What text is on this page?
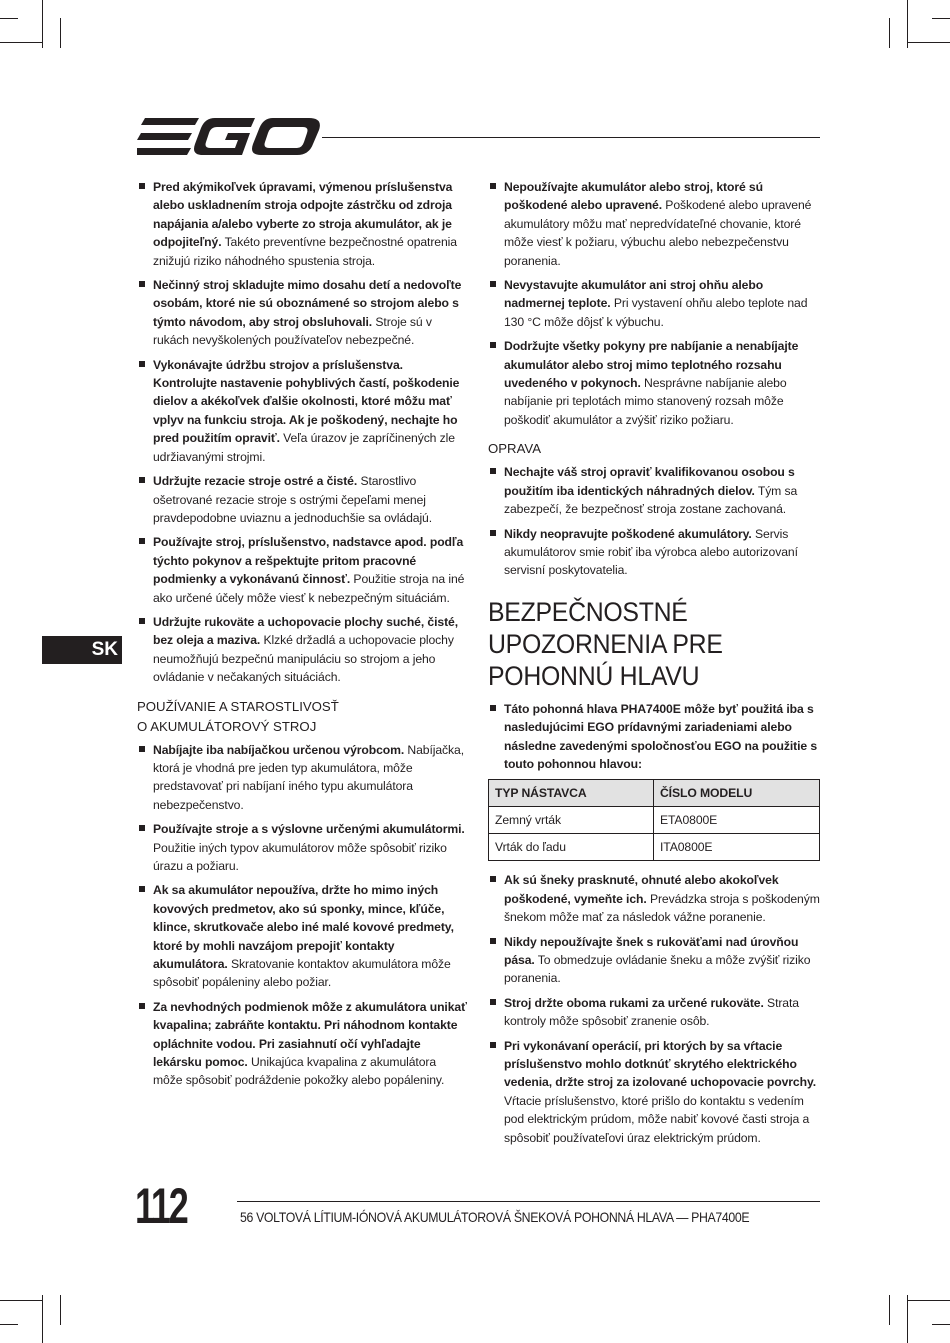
Pred akýmikoľvek úpravami, výmenou príslušenstva alebo uskladnením stroja odpojte zástrčku od zdroja napájania a/alebo vyberte zo stroja akumulátor, ak je odpojiteľný. Takéto preventívne bezpečnostné opatrenia znižujú riziko náhodného spustenia stroja.
Nečinný stroj skladujte mimo dosahu detí a nedovoľte osobám, ktoré nie sú oboznámené so strojom alebo s týmto návodom, aby stroj obsluhovali. Stroje sú v rukách nevyškolených používateľov nebezpečné.
Vykonávajte údržbu strojov a príslušenstva. Kontrolujte nastavenie pohyblivých častí, poškodenie dielov a akékoľvek ďalšie okolnosti, ktoré môžu mať vplyv na funkciu stroja. Ak je poškodený, nechajte ho pred použitím opraviť. Veľa úrazov je zapríčinených zle udržiavanými strojmi.
Udržujte rezacie stroje ostré a čisté. Starostlivo ošetrované rezacie stroje s ostrými čepeľami menej pravdepodobne uviaznu a jednoduchšie sa ovládajú.
Používajte stroj, príslušenstvo, nadstavce apod. podľa týchto pokynov a rešpektujte pritom pracovné podmienky a vykonávanú činnosť. Použitie stroja na iné ako určené účely môže viesť k nebezpečným situáciám.
Udržujte rukoväte a uchopovacie plochy suché, čisté, bez oleja a maziva. Klzké držadlá a uchopovacie plochy neumožňujú bezpečnú manipuláciu so strojom a jeho ovládanie v nečakaných situáciách.
POUŽÍVANIE A STAROSTLIVOSŤ
O AKUMULÁTOROVÝ STROJ
Nabíjajte iba nabíjačkou určenou výrobcom. Nabíjačka, ktorá je vhodná pre jeden typ akumulátora, môže predstavovať pri nabíjaní iného typu akumulátora nebezpečenstvo.
Používajte stroje a s výslovne určenými akumulátormi. Použitie iných typov akumulátorov môže spôsobiť riziko úrazu a požiaru.
Ak sa akumulátor nepoužíva, držte ho mimo iných kovových predmetov, ako sú sponky, mince, kľúče, klince, skrutkovače alebo iné malé kovové predmety, ktoré by mohli navzájom prepojiť kontakty akumulátora. Skratovanie kontaktov akumulátora môže spôsobiť popáleniny alebo požiar.
Za nevhodných podmienok môže z akumulátora unikať kvapalina; zabráňte kontaktu. Pri náhodnom kontakte opláchnite vodou. Pri zasiahnutí očí vyhľadajte lekársku pomoc. Unikajúca kvapalina z akumulátora môže spôsobiť podráždenie pokožky alebo popáleniny.
Nepoužívajte akumulátor alebo stroj, ktoré sú poškodené alebo upravené. Poškodené alebo upravené akumulátory môžu mať nepredvídateľné chovanie, ktoré môže viesť k požiaru, výbuchu alebo nebezpečenstvu poranenia.
Nevystavujte akumulátor ani stroj ohňu alebo nadmernej teplote. Pri vystavení ohňu alebo teplote nad 130 °C môže dôjsť k výbuchu.
Dodržujte všetky pokyny pre nabíjanie a nenabíjajte akumulátor alebo stroj mimo teplotného rozsahu uvedeného v pokynoch. Nesprávne nabíjanie alebo nabíjanie pri teplotách mimo stanovený rozsah môže poškodiť akumulátor a zvýšiť riziko požiaru.
OPRAVA
Nechajte váš stroj opraviť kvalifikovanou osobou s použitím iba identických náhradných dielov. Tým sa zabezpečí, že bezpečnosť stroja zostane zachovaná.
Nikdy neopravujte poškodené akumulátory. Servis akumulátorov smie robiť iba výrobca alebo autorizovaní servisní poskytovatelia.
BEZPEČNOSTNÉ
UPOZORNENIA PRE
POHONNÚ HLAVU
Táto pohonná hlava PHA7400E môže byť použitá iba s nasledujúcimi EGO prídavnými zariadeniami alebo následne zavedenými spoločnosťou EGO na použitie s touto pohonnou hlavou:
TYP NÁSTAVCA	ČÍSLO MODELU
Zemný vrták	ETA0800E
Vrták do ľadu	ITA0800E
Ak sú šneky prasknuté, ohnuté alebo akokoľvek poškodené, vymeňte ich. Prevádzka stroja s poškodeným šnekom môže mať za následok vážne poranenie.
Nikdy nepoužívajte šnek s rukoväťami nad úrovňou pása. To obmedzuje ovládanie šneku a môže zvýšiť riziko poranenia.
Stroj držte oboma rukami za určené rukoväte. Strata kontroly môže spôsobiť zranenie osôb.
Pri vykonávaní operácií, pri ktorých by sa vŕtacie príslušenstvo mohlo dotknúť skrytého elektrického vedenia, držte stroj za izolované uchopovacie povrchy. Vŕtacie príslušenstvo, ktoré prišlo do kontaktu s vedením pod elektrickým prúdom, môže nabiť kovové časti stroja a spôsobiť používateľovi úraz elektrickým prúdom.
SK
112	56 VOLTOVÁ LÍTIUM-IÓNOVÁ AKUMULÁTOROVÁ ŠNEKOVÁ POHONNÁ HLAVA — PHA7400E
